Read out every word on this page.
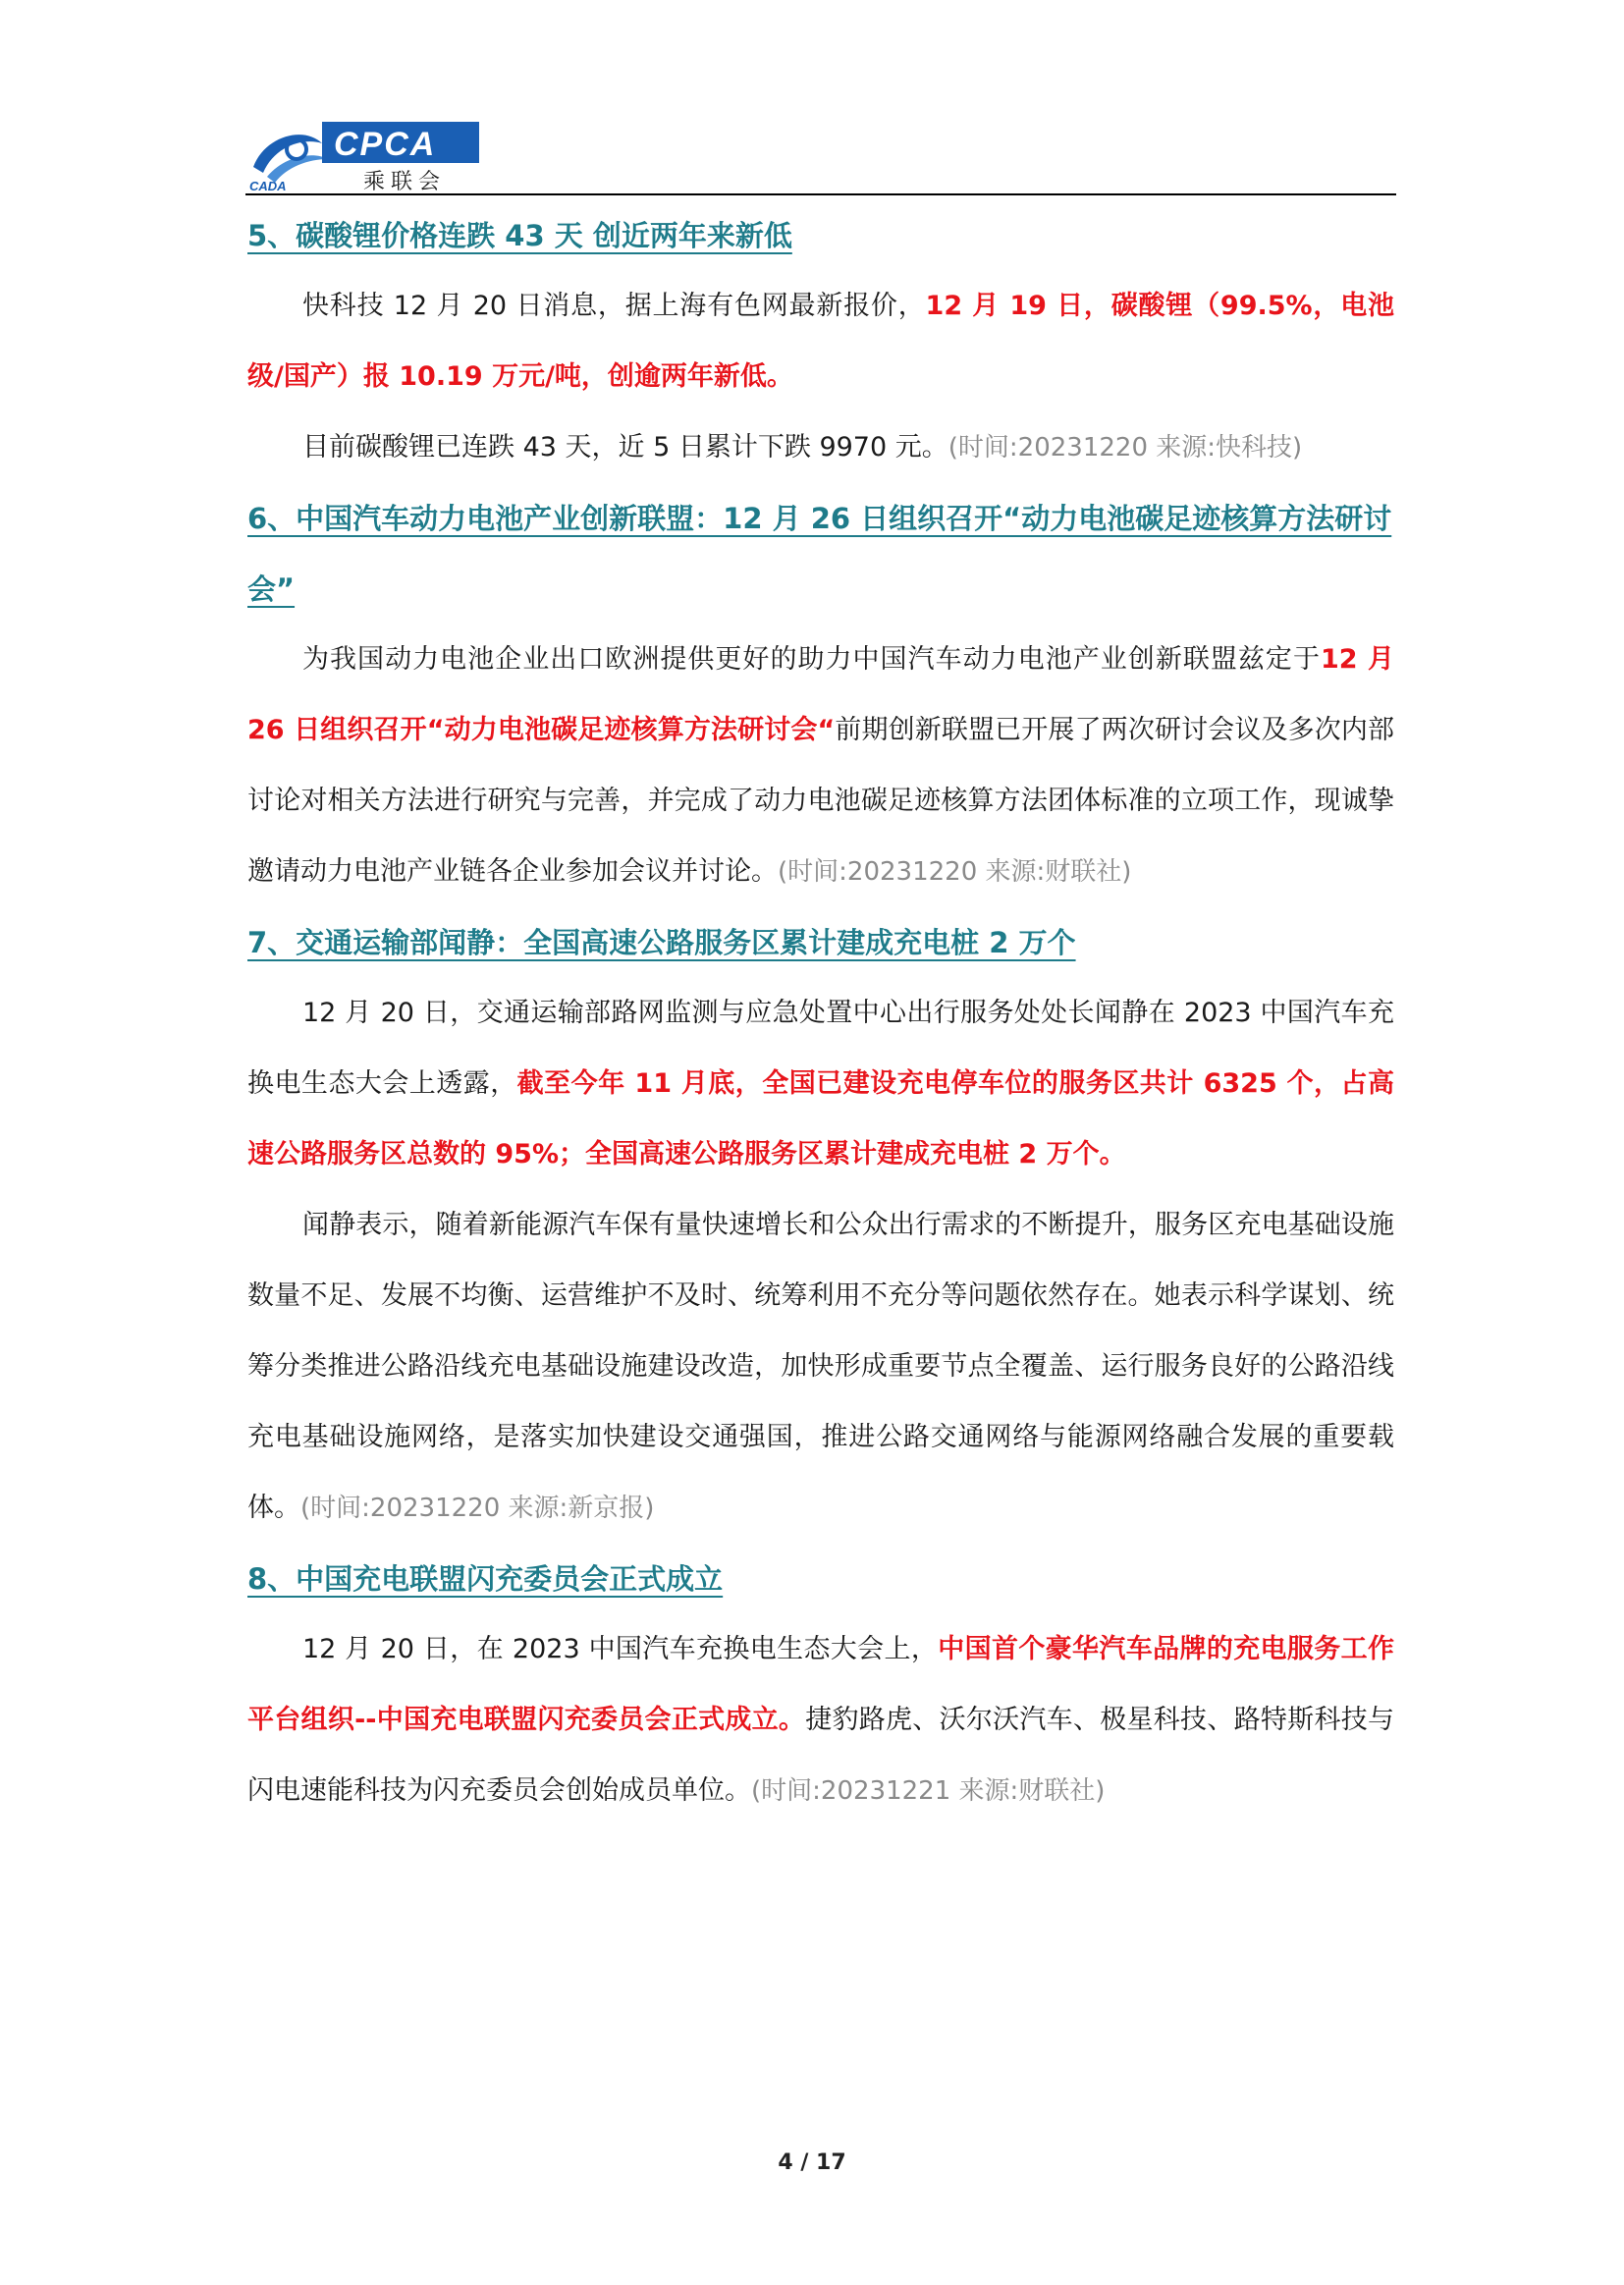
CADA
CPCA
乘联会

5、碳酸锂价格连跌 43 天 创近两年来新低

快科技 12 月 20 日消息，据上海有色网最新报价，12 月 19 日，碳酸锂（99.5%，电池级/国产）报 10.19 万元/吨，创逾两年新低。

目前碳酸锂已连跌 43 天，近 5 日累计下跌 9970 元。(时间:20231220 来源:快科技)

6、中国汽车动力电池产业创新联盟：12 月 26 日组织召开“动力电池碳足迹核算方法研讨会”

为我国动力电池企业出口欧洲提供更好的助力中国汽车动力电池产业创新联盟兹定于12 月 26 日组织召开“动力电池碳足迹核算方法研讨会“前期创新联盟已开展了两次研讨会议及多次内部讨论对相关方法进行研究与完善，并完成了动力电池碳足迹核算方法团体标准的立项工作，现诚挚邀请动力电池产业链各企业参加会议并讨论。(时间:20231220 来源:财联社)

7、交通运输部闻静：全国高速公路服务区累计建成充电桩 2 万个

12 月 20 日，交通运输部路网监测与应急处置中心出行服务处处长闻静在 2023 中国汽车充换电生态大会上透露，截至今年 11 月底，全国已建设充电停车位的服务区共计 6325 个，占高速公路服务区总数的 95%；全国高速公路服务区累计建成充电桩 2 万个。

闻静表示，随着新能源汽车保有量快速增长和公众出行需求的不断提升，服务区充电基础设施数量不足、发展不均衡、运营维护不及时、统筹利用不充分等问题依然存在。她表示科学谋划、统筹分类推进公路沿线充电基础设施建设改造，加快形成重要节点全覆盖、运行服务良好的公路沿线充电基础设施网络，是落实加快建设交通强国，推进公路交通网络与能源网络融合发展的重要载体。(时间:20231220 来源:新京报)

8、中国充电联盟闪充委员会正式成立

12 月 20 日，在 2023 中国汽车充换电生态大会上，中国首个豪华汽车品牌的充电服务工作平台组织--中国充电联盟闪充委员会正式成立。捷豹路虎、沃尔沃汽车、极星科技、路特斯科技与闪电速能科技为闪充委员会创始成员单位。(时间:20231221 来源:财联社)

4 / 17
